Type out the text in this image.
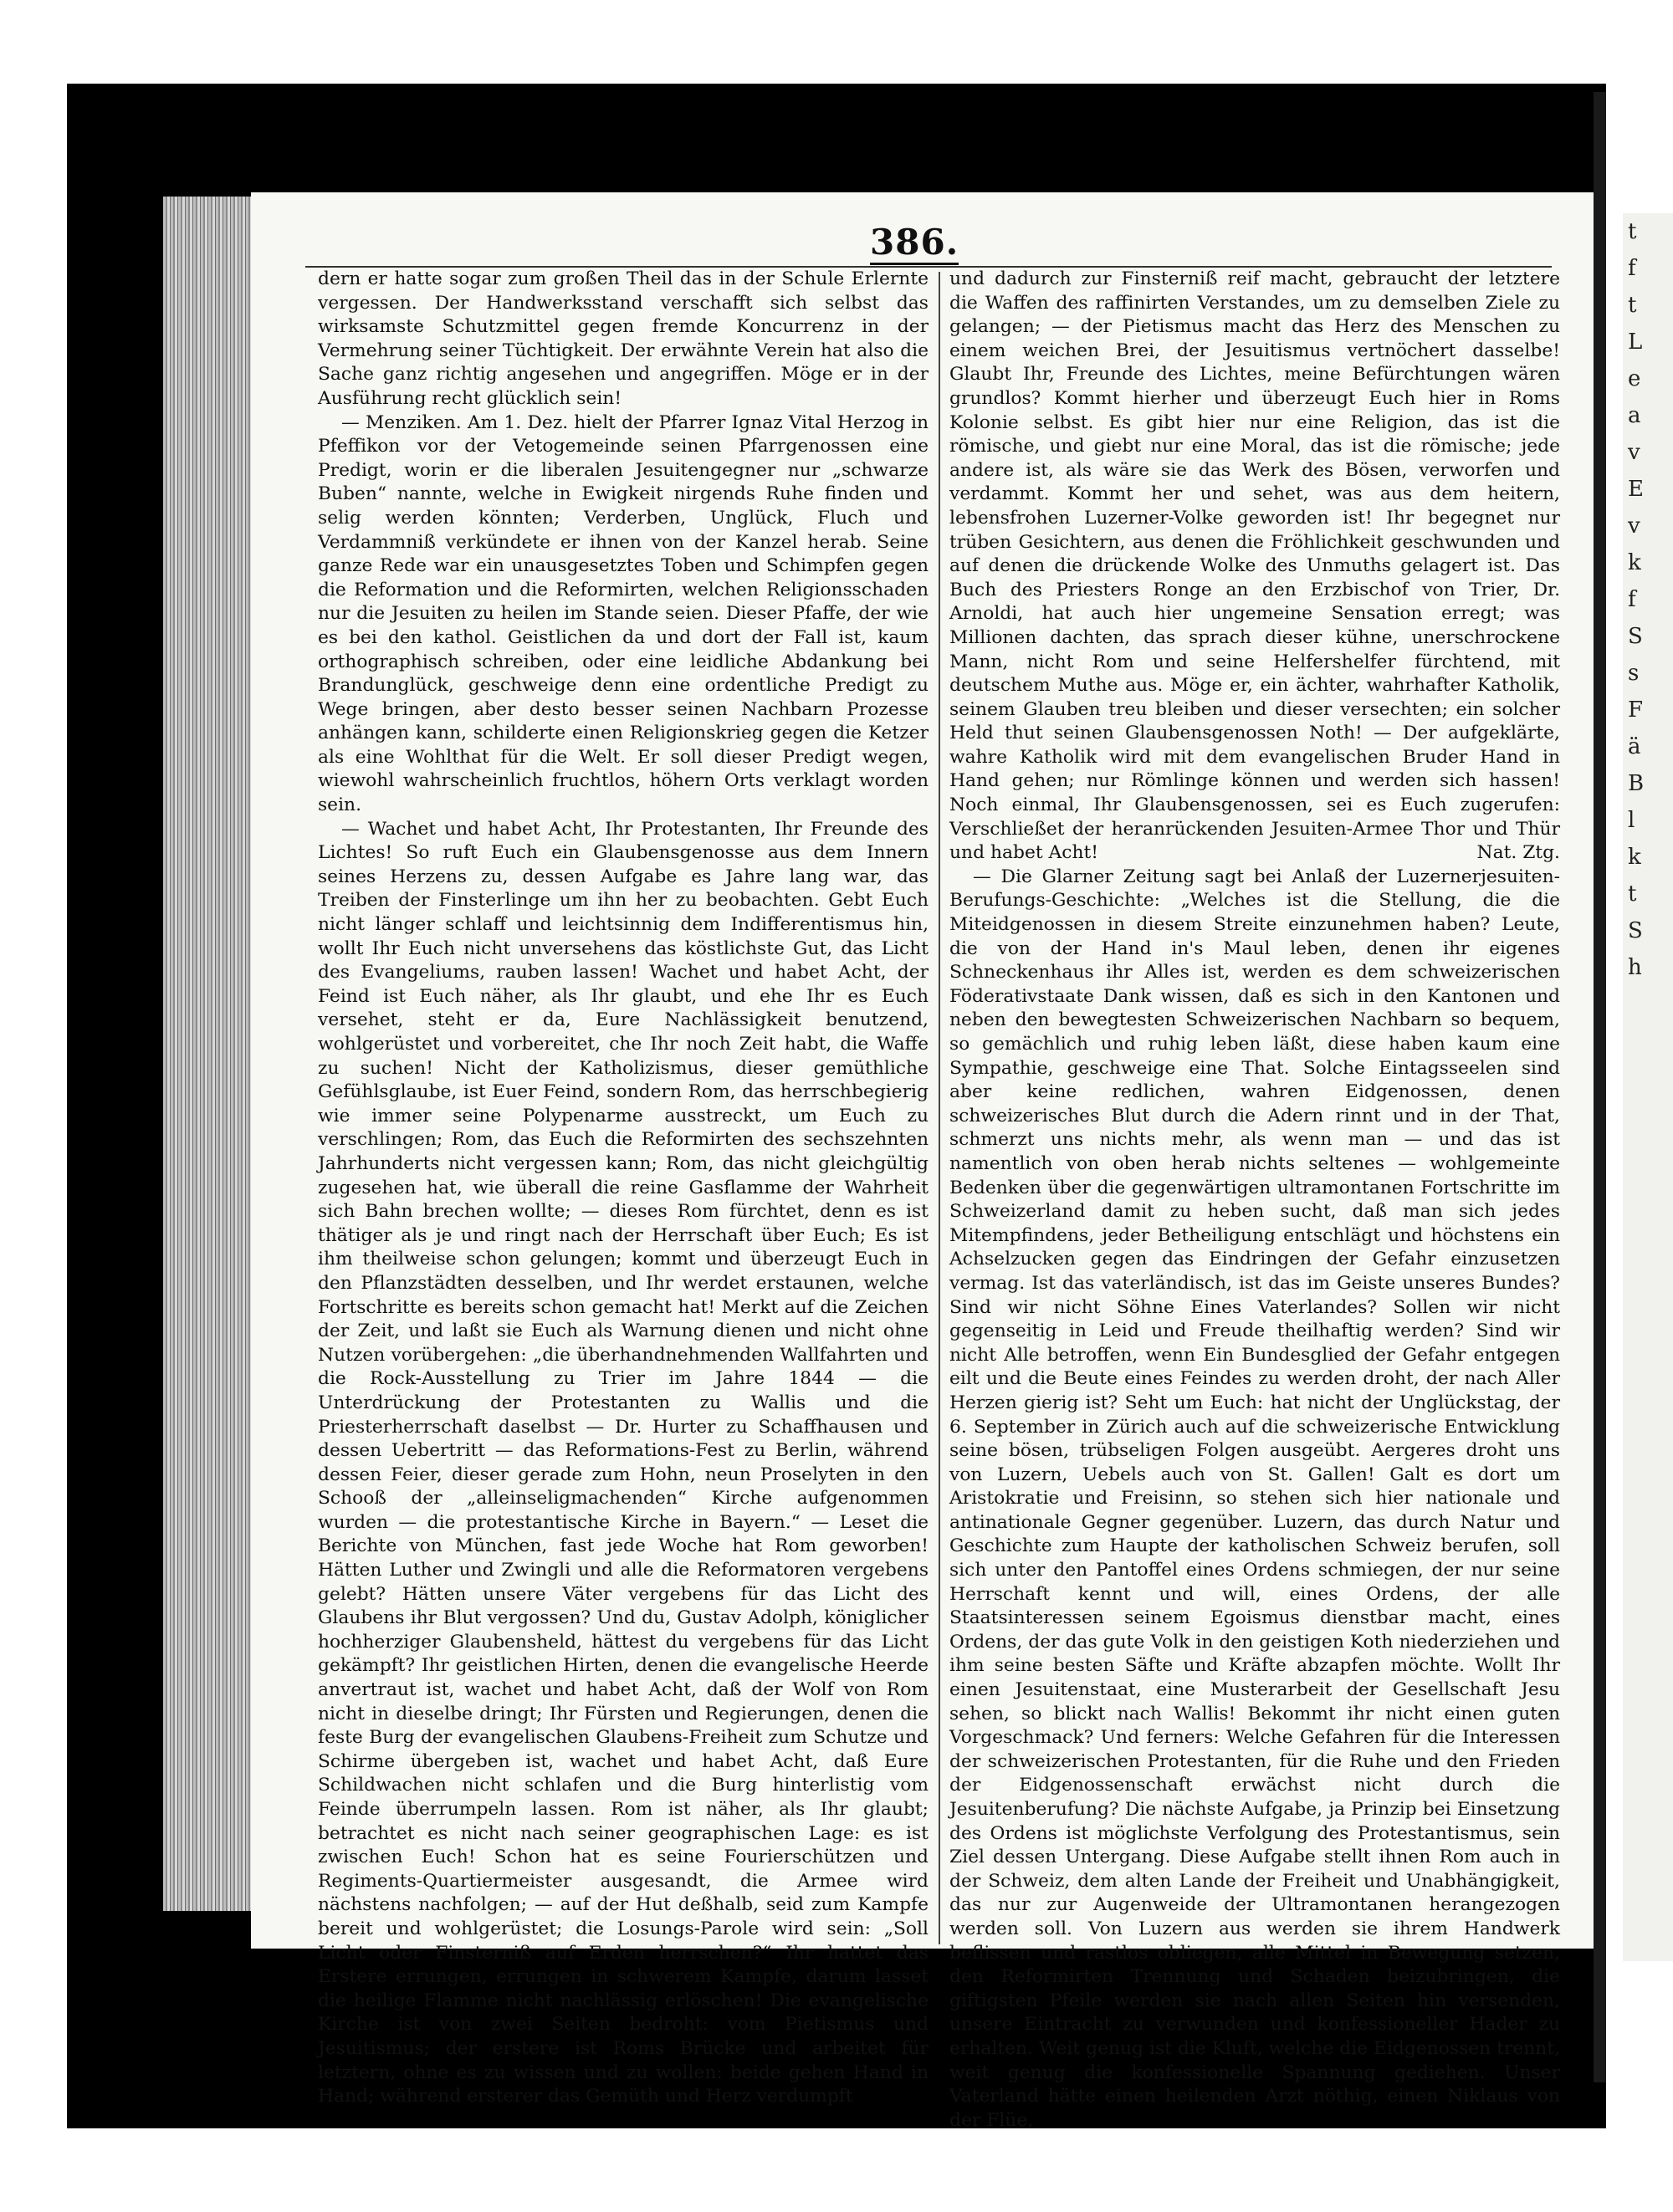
t
f
t
L
e
a
v
E
v
k
f
S
s
F
ä
B
l
k
t
S
h
386.

dern er hatte sogar zum großen Theil das in der Schule Erlernte vergessen. Der Handwerksstand verschafft sich selbst das wirksamste Schutzmittel gegen fremde Koncurrenz in der Vermehrung seiner Tüchtigkeit. Der erwähnte Verein hat also die Sache ganz richtig angesehen und angegriffen. Möge er in der Ausführung recht glücklich sein!

— Menziken. Am 1. Dez. hielt der Pfarrer Ignaz Vital Herzog in Pfeffikon vor der Vetogemeinde seinen Pfarrgenossen eine Predigt, worin er die liberalen Jesuitengegner nur „schwarze Buben“ nannte, welche in Ewigkeit nirgends Ruhe finden und selig werden könnten; Verderben, Unglück, Fluch und Verdammniß verkündete er ihnen von der Kanzel herab. Seine ganze Rede war ein unausgesetztes Toben und Schimpfen gegen die Reformation und die Reformirten, welchen Religionsschaden nur die Jesuiten zu heilen im Stande seien. Dieser Pfaffe, der wie es bei den kathol. Geistlichen da und dort der Fall ist, kaum orthographisch schreiben, oder eine leidliche Abdankung bei Brandunglück, geschweige denn eine ordentliche Predigt zu Wege bringen, aber desto besser seinen Nachbarn Prozesse anhängen kann, schilderte einen Religionskrieg gegen die Ketzer als eine Wohlthat für die Welt. Er soll dieser Predigt wegen, wiewohl wahrscheinlich fruchtlos, höhern Orts verklagt worden sein.

— Wachet und habet Acht, Ihr Protestanten, Ihr Freunde des Lichtes! So ruft Euch ein Glaubensgenosse aus dem Innern seines Herzens zu, dessen Aufgabe es Jahre lang war, das Treiben der Finsterlinge um ihn her zu beobachten. Gebt Euch nicht länger schlaff und leichtsinnig dem Indifferentismus hin, wollt Ihr Euch nicht unversehens das köstlichste Gut, das Licht des Evangeliums, rauben lassen! Wachet und habet Acht, der Feind ist Euch näher, als Ihr glaubt, und ehe Ihr es Euch versehet, steht er da, Eure Nachlässigkeit benutzend, wohlgerüstet und vorbereitet, che Ihr noch Zeit habt, die Waffe zu suchen! Nicht der Katholizismus, dieser gemüthliche Gefühlsglaube, ist Euer Feind, sondern Rom, das herrschbegierig wie immer seine Polypenarme ausstreckt, um Euch zu verschlingen; Rom, das Euch die Reformirten des sechszehnten Jahrhunderts nicht vergessen kann; Rom, das nicht gleichgültig zugesehen hat, wie überall die reine Gasflamme der Wahrheit sich Bahn brechen wollte; — dieses Rom fürchtet, denn es ist thätiger als je und ringt nach der Herrschaft über Euch; Es ist ihm theilweise schon gelungen; kommt und überzeugt Euch in den Pflanzstädten desselben, und Ihr werdet erstaunen, welche Fortschritte es bereits schon gemacht hat! Merkt auf die Zeichen der Zeit, und laßt sie Euch als Warnung dienen und nicht ohne Nutzen vorübergehen: „die überhandnehmenden Wallfahrten und die Rock-Ausstellung zu Trier im Jahre 1844 — die Unterdrückung der Protestanten zu Wallis und die Priesterherrschaft daselbst — Dr. Hurter zu Schaffhausen und dessen Uebertritt — das Reformations-Fest zu Berlin, während dessen Feier, dieser gerade zum Hohn, neun Proselyten in den Schooß der „alleinseligmachenden“ Kirche aufgenommen wurden — die protestantische Kirche in Bayern.“ — Leset die Berichte von München, fast jede Woche hat Rom geworben! Hätten Luther und Zwingli und alle die Reformatoren vergebens gelebt? Hätten unsere Väter vergebens für das Licht des Glaubens ihr Blut vergossen? Und du, Gustav Adolph, königlicher hochherziger Glaubensheld, hättest du vergebens für das Licht gekämpft? Ihr geistlichen Hirten, denen die evangelische Heerde anvertraut ist, wachet und habet Acht, daß der Wolf von Rom nicht in dieselbe dringt; Ihr Fürsten und Regierungen, denen die feste Burg der evangelischen Glaubens-Freiheit zum Schutze und Schirme übergeben ist, wachet und habet Acht, daß Eure Schildwachen nicht schlafen und die Burg hinterlistig vom Feinde überrumpeln lassen. Rom ist näher, als Ihr glaubt; betrachtet es nicht nach seiner geographischen Lage: es ist zwischen Euch! Schon hat es seine Fourierschützen und Regiments-Quartiermeister ausgesandt, die Armee wird nächstens nachfolgen; — auf der Hut deßhalb, seid zum Kampfe bereit und wohlgerüstet; die Losungs-Parole wird sein: „Soll Licht oder Finsterniß auf Erden herrschen?“ Ihr hattet das Erstere errungen, errungen in schwerem Kampfe, darum lasset die heilige Flamme nicht nachlässig erlöschen! Die evangelische Kirche ist von zwei Seiten bedroht: vom Pietismus und Jesuitismus; der erstere ist Roms Brücke und arbeitet für letztern, ohne es zu wissen und zu wollen: beide gehen Hand in Hand; während ersterer das Gemüth und Herz verdumpft

und dadurch zur Finsterniß reif macht, gebraucht der letztere die Waffen des raffinirten Verstandes, um zu demselben Ziele zu gelangen; — der Pietismus macht das Herz des Menschen zu einem weichen Brei, der Jesuitismus vertnöchert dasselbe! Glaubt Ihr, Freunde des Lichtes, meine Befürchtungen wären grundlos? Kommt hierher und überzeugt Euch hier in Roms Kolonie selbst. Es gibt hier nur eine Religion, das ist die römische, und giebt nur eine Moral, das ist die römische; jede andere ist, als wäre sie das Werk des Bösen, verworfen und verdammt. Kommt her und sehet, was aus dem heitern, lebensfrohen Luzerner-Volke geworden ist! Ihr begegnet nur trüben Gesichtern, aus denen die Fröhlichkeit geschwunden und auf denen die drückende Wolke des Unmuths gelagert ist. Das Buch des Priesters Ronge an den Erzbischof von Trier, Dr. Arnoldi, hat auch hier ungemeine Sensation erregt; was Millionen dachten, das sprach dieser kühne, unerschrockene Mann, nicht Rom und seine Helfershelfer fürchtend, mit deutschem Muthe aus. Möge er, ein ächter, wahrhafter Katholik, seinem Glauben treu bleiben und dieser versechten; ein solcher Held thut seinen Glaubensgenossen Noth! — Der aufgeklärte, wahre Katholik wird mit dem evangelischen Bruder Hand in Hand gehen; nur Römlinge können und werden sich hassen! Noch einmal, Ihr Glaubensgenossen, sei es Euch zugerufen: Verschließet der heranrückenden Jesuiten-Armee Thor und Thür und habet Acht!	Nat. Ztg.

— Die Glarner Zeitung sagt bei Anlaß der Luzernerjesuiten-Berufungs-Geschichte: „Welches ist die Stellung, die die Miteidgenossen in diesem Streite einzunehmen haben? Leute, die von der Hand in's Maul leben, denen ihr eigenes Schneckenhaus ihr Alles ist, werden es dem schweizerischen Föderativstaate Dank wissen, daß es sich in den Kantonen und neben den bewegtesten Schweizerischen Nachbarn so bequem, so gemächlich und ruhig leben läßt, diese haben kaum eine Sympathie, geschweige eine That. Solche Eintagsseelen sind aber keine redlichen, wahren Eidgenossen, denen schweizerisches Blut durch die Adern rinnt und in der That, schmerzt uns nichts mehr, als wenn man — und das ist namentlich von oben herab nichts seltenes — wohlgemeinte Bedenken über die gegenwärtigen ultramontanen Fortschritte im Schweizerland damit zu heben sucht, daß man sich jedes Mitempfindens, jeder Betheiligung entschlägt und höchstens ein Achselzucken gegen das Eindringen der Gefahr einzusetzen vermag. Ist das vaterländisch, ist das im Geiste unseres Bundes? Sind wir nicht Söhne Eines Vaterlandes? Sollen wir nicht gegenseitig in Leid und Freude theilhaftig werden? Sind wir nicht Alle betroffen, wenn Ein Bundesglied der Gefahr entgegen eilt und die Beute eines Feindes zu werden droht, der nach Aller Herzen gierig ist? Seht um Euch: hat nicht der Unglückstag, der 6. September in Zürich auch auf die schweizerische Entwicklung seine bösen, trübseligen Folgen ausgeübt. Aergeres droht uns von Luzern, Uebels auch von St. Gallen! Galt es dort um Aristokratie und Freisinn, so stehen sich hier nationale und antinationale Gegner gegenüber. Luzern, das durch Natur und Geschichte zum Haupte der katholischen Schweiz berufen, soll sich unter den Pantoffel eines Ordens schmiegen, der nur seine Herrschaft kennt und will, eines Ordens, der alle Staatsinteressen seinem Egoismus dienstbar macht, eines Ordens, der das gute Volk in den geistigen Koth niederziehen und ihm seine besten Säfte und Kräfte abzapfen möchte. Wollt Ihr einen Jesuitenstaat, eine Musterarbeit der Gesellschaft Jesu sehen, so blickt nach Wallis! Bekommt ihr nicht einen guten Vorgeschmack? Und ferners: Welche Gefahren für die Interessen der schweizerischen Protestanten, für die Ruhe und den Frieden der Eidgenossenschaft erwächst nicht durch die Jesuitenberufung? Die nächste Aufgabe, ja Prinzip bei Einsetzung des Ordens ist möglichste Verfolgung des Protestantismus, sein Ziel dessen Untergang. Diese Aufgabe stellt ihnen Rom auch in der Schweiz, dem alten Lande der Freiheit und Unabhängigkeit, das nur zur Augenweide der Ultramontanen herangezogen werden soll. Von Luzern aus werden sie ihrem Handwerk beflissen und rastlos obliegen, alle Mittel in Bewegung setzen, den Reformirten Trennung und Schaden beizubringen, die giftigsten Pfeile werden sie nach allen Seiten hin versenden, unsere Eintracht zu verwunden und konfessioneller Hader zu erhalten. Weit genug ist die Kluft, welche die Eidgenossen trennt, weit genug die konfessionelle Spannung gediehen. Unser Vaterland hätte einen heilenden Arzt nöthig, einen Niklaus von der Flüe,
